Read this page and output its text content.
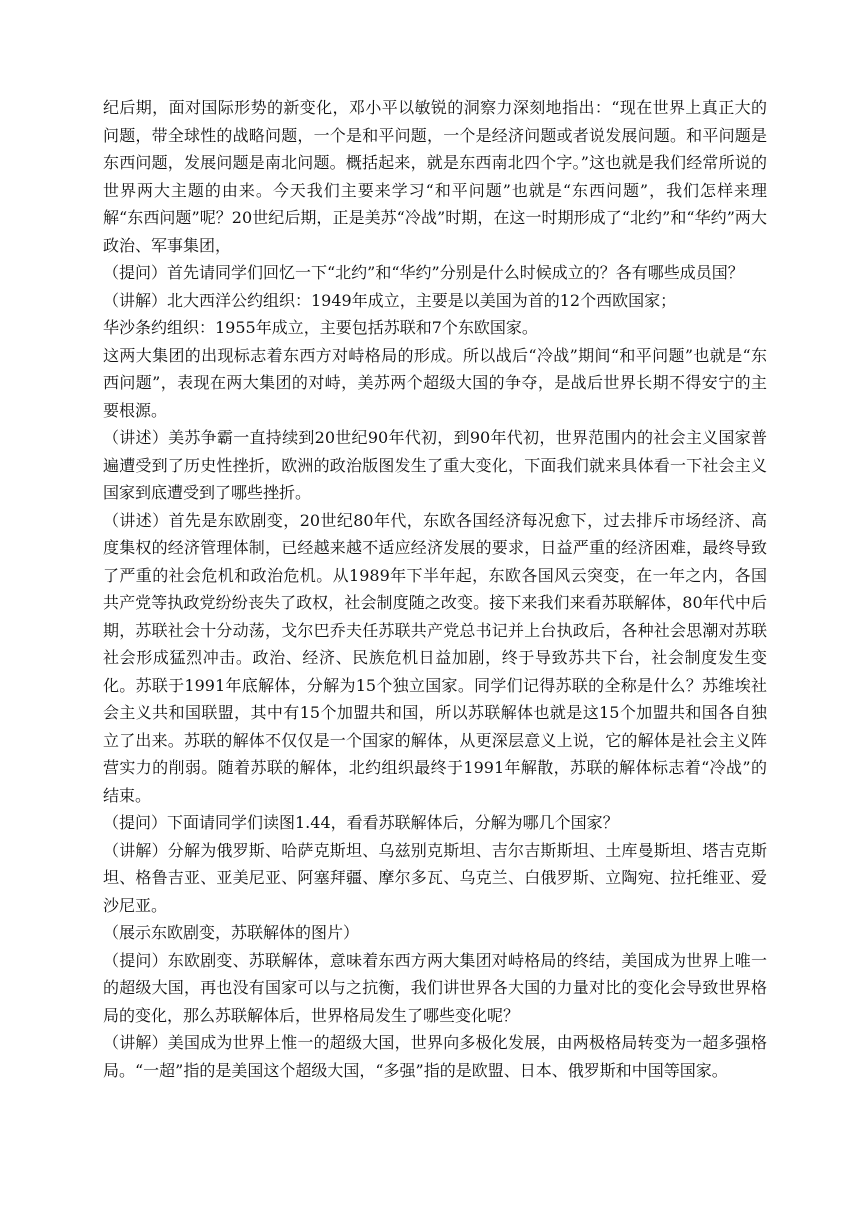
纪后期，面对国际形势的新变化，邓小平以敏锐的洞察力深刻地指出：“现在世界上真正大的问题，带全球性的战略问题，一个是和平问题，一个是经济问题或者说发展问题。和平问题是东西问题，发展问题是南北问题。概括起来，就是东西南北四个字。”这也就是我们经常所说的世界两大主题的由来。今天我们主要来学习“和平问题”也就是“东西问题”，我们怎样来理解“东西问题”呢？20世纪后期，正是美苏“冷战”时期，在这一时期形成了“北约”和“华约”两大政治、军事集团，

（提问）首先请同学们回忆一下“北约”和“华约”分别是什么时候成立的？各有哪些成员国？

（讲解）北大西洋公约组织：1949年成立，主要是以美国为首的12个西欧国家；

华沙条约组织：1955年成立，主要包括苏联和7个东欧国家。

这两大集团的出现标志着东西方对峙格局的形成。所以战后“冷战”期间“和平问题”也就是“东西问题”，表现在两大集团的对峙，美苏两个超级大国的争夺，是战后世界长期不得安宁的主要根源。

（讲述）美苏争霸一直持续到20世纪90年代初，到90年代初，世界范围内的社会主义国家普遍遭受到了历史性挫折，欧洲的政治版图发生了重大变化，下面我们就来具体看一下社会主义国家到底遭受到了哪些挫折。

（讲述）首先是东欧剧变，20世纪80年代，东欧各国经济每况愈下，过去排斥市场经济、高度集权的经济管理体制，已经越来越不适应经济发展的要求，日益严重的经济困难，最终导致了严重的社会危机和政治危机。从1989年下半年起，东欧各国风云突变，在一年之内，各国共产党等执政党纷纷丧失了政权，社会制度随之改变。接下来我们来看苏联解体，80年代中后期，苏联社会十分动荡，戈尔巴乔夫任苏联共产党总书记并上台执政后，各种社会思潮对苏联社会形成猛烈冲击。政治、经济、民族危机日益加剧，终于导致苏共下台，社会制度发生变化。苏联于1991年底解体，分解为15个独立国家。同学们记得苏联的全称是什么？苏维埃社会主义共和国联盟，其中有15个加盟共和国，所以苏联解体也就是这15个加盟共和国各自独立了出来。苏联的解体不仅仅是一个国家的解体，从更深层意义上说，它的解体是社会主义阵营实力的削弱。随着苏联的解体，北约组织最终于1991年解散，苏联的解体标志着“冷战”的结束。

（提问）下面请同学们读图1.44，看看苏联解体后，分解为哪几个国家？

（讲解）分解为俄罗斯、哈萨克斯坦、乌兹别克斯坦、吉尔吉斯斯坦、土库曼斯坦、塔吉克斯坦、格鲁吉亚、亚美尼亚、阿塞拜疆、摩尔多瓦、乌克兰、白俄罗斯、立陶宛、拉托维亚、爱沙尼亚。

（展示东欧剧变，苏联解体的图片）

（提问）东欧剧变、苏联解体，意味着东西方两大集团对峙格局的终结，美国成为世界上唯一的超级大国，再也没有国家可以与之抗衡，我们讲世界各大国的力量对比的变化会导致世界格局的变化，那么苏联解体后，世界格局发生了哪些变化呢？

（讲解）美国成为世界上惟一的超级大国，世界向多极化发展，由两极格局转变为一超多强格局。“一超”指的是美国这个超级大国，“多强”指的是欧盟、日本、俄罗斯和中国等国家。
